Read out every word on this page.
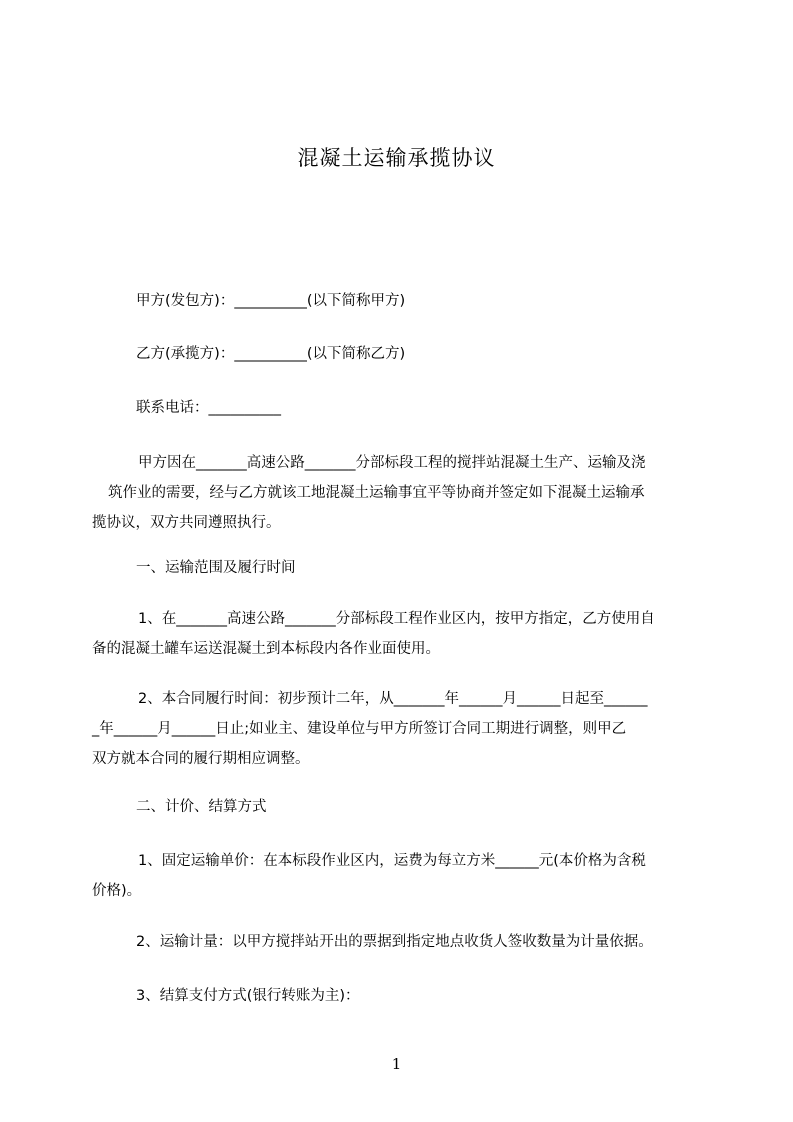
混凝土运输承揽协议

甲方(发包方)：__________(以下简称甲方)

乙方(承揽方)：__________(以下简称乙方)

联系电话：__________

甲方因在_______高速公路_______分部标段工程的搅拌站混凝土生产、运输及浇
筑作业的需要，经与乙方就该工地混凝土运输事宜平等协商并签定如下混凝土运输承
揽协议，双方共同遵照执行。

一、运输范围及履行时间

1、在_______高速公路_______分部标段工程作业区内，按甲方指定，乙方使用自
备的混凝土罐车运送混凝土到本标段内各作业面使用。
2、本合同履行时间：初步预计二年，从_______年______月______日起至______
_年______月______日止;如业主、建设单位与甲方所签订合同工期进行调整，则甲乙
双方就本合同的履行期相应调整。

二、计价、结算方式

1、固定运输单价：在本标段作业区内，运费为每立方米______元(本价格为含税
价格)。

2、运输计量：以甲方搅拌站开出的票据到指定地点收货人签收数量为计量依据。

3、结算支付方式(银行转账为主)：

1
